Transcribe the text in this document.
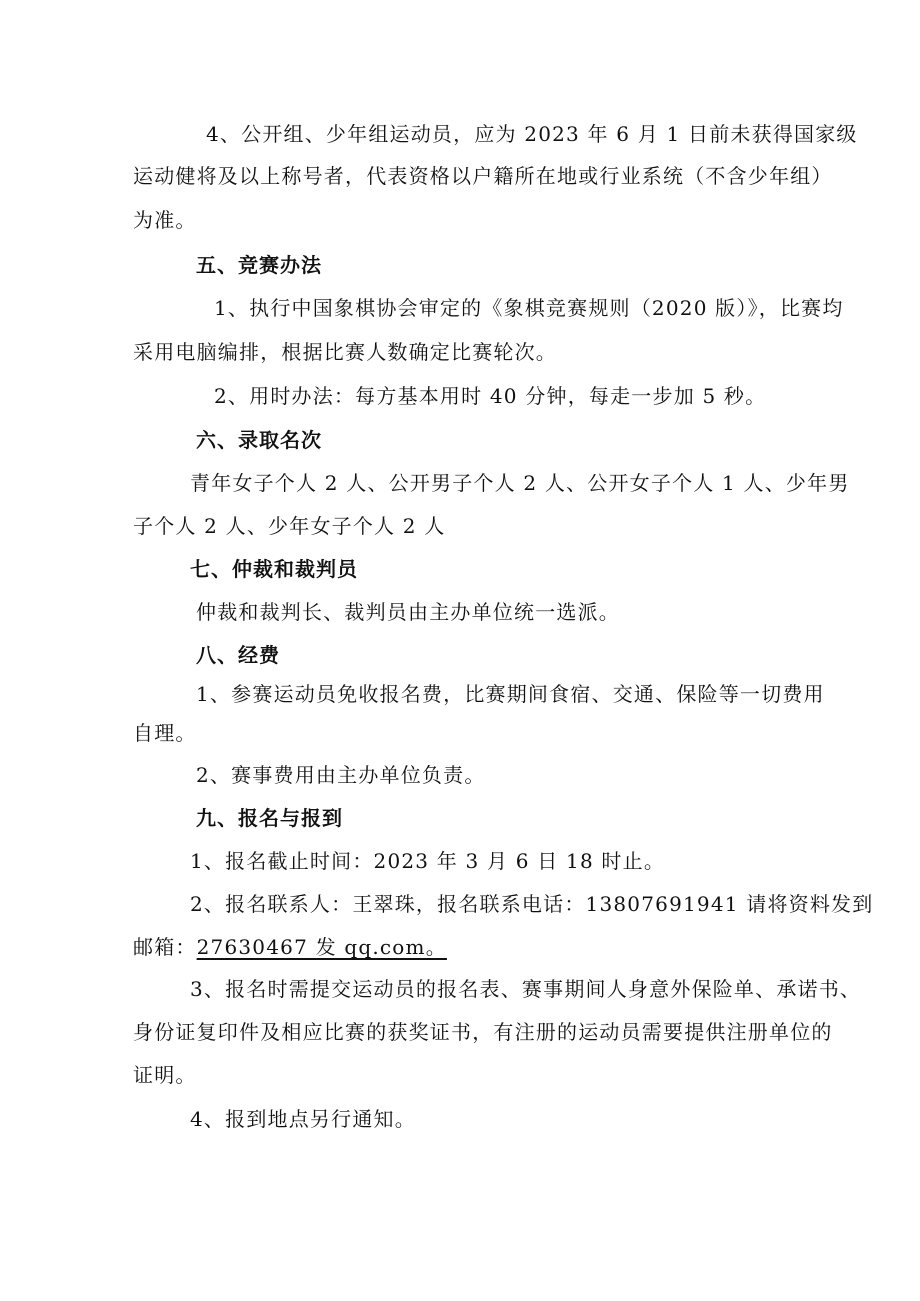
4、公开组、少年组运动员，应为 2023 年 6 月 1 日前未获得国家级
运动健将及以上称号者，代表资格以户籍所在地或行业系统（不含少年组）
为准。
五、竞赛办法
1、执行中国象棋协会审定的《象棋竞赛规则（2020 版）》，比赛均
采用电脑编排，根据比赛人数确定比赛轮次。
2、用时办法：每方基本用时 40 分钟，每走一步加 5 秒。
六、录取名次
青年女子个人 2 人、公开男子个人 2 人、公开女子个人 1 人、少年男
子个人 2 人、少年女子个人 2 人
七、仲裁和裁判员
仲裁和裁判长、裁判员由主办单位统一选派。
八、经费
1、参赛运动员免收报名费，比赛期间食宿、交通、保险等一切费用
自理。
2、赛事费用由主办单位负责。
九、报名与报到
1、报名截止时间：2023 年 3 月 6 日 18 时止。
2、报名联系人：王翠珠，报名联系电话：13807691941 请将资料发到
邮箱：27630467 发 qq.com。
3、报名时需提交运动员的报名表、赛事期间人身意外保险单、承诺书、
身份证复印件及相应比赛的获奖证书，有注册的运动员需要提供注册单位的
证明。
4、报到地点另行通知。
